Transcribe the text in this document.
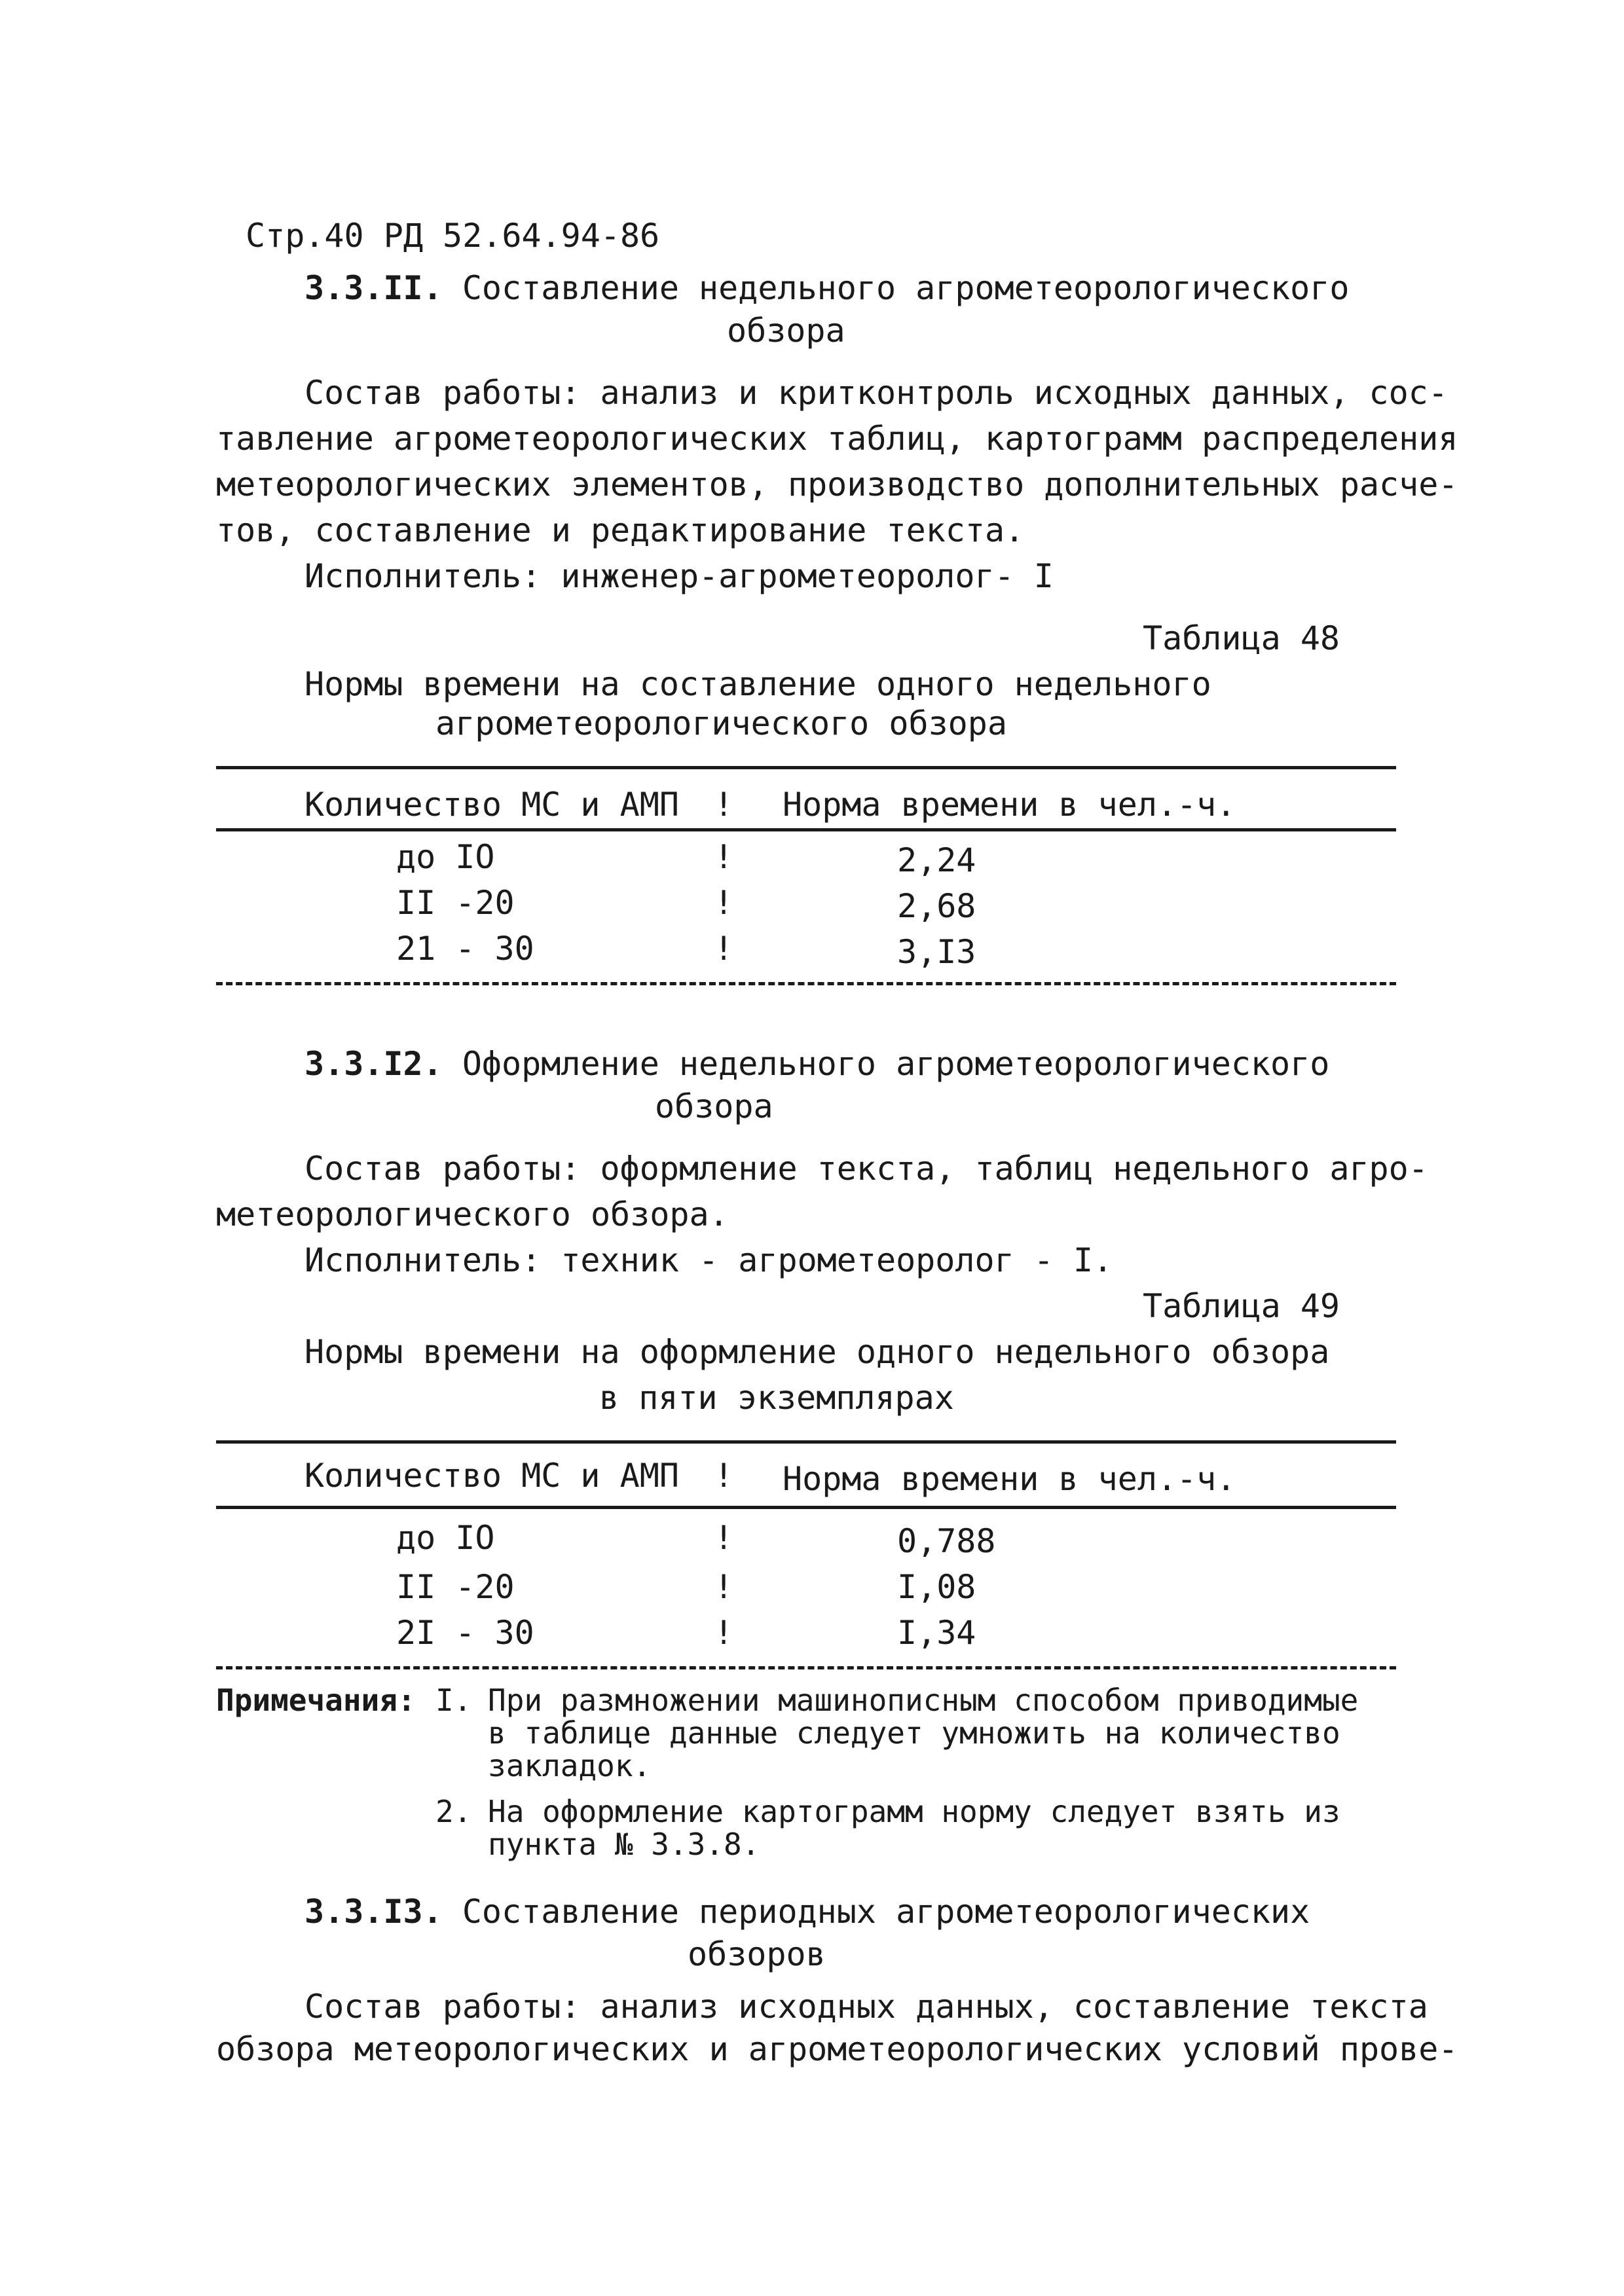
Стр.40 РД 52.64.94-86
3.3.II. Составление недельного агрометеорологического
обзора
Состав работы: анализ и критконтроль исходных данных, сос-
тавление агрометеорологических таблиц, картограмм распределения
метеорологических элементов, производство дополнительных расче-
тов, составление и редактирование текста.
Исполнитель: инженер-агрометеоролог- I
Таблица 48
Нормы времени на составление одного недельного
агрометеорологического обзора
Количество МС и АМП ! Норма времени в чел.-ч.
до IO	!	2,24
II -20	!	2,68
21 - 30	!	3,I3
3.3.I2. Оформление недельного агрометеорологического
обзора
Состав работы: оформление текста, таблиц недельного агро-
метеорологического обзора.
Исполнитель: техник - агрометеоролог - I.
Таблица 49
Нормы времени на оформление одного недельного обзора
в пяти экземплярах
Количество МС и АМП ! Норма времени в чел.-ч.
до IO	!	0,788
II -20	!	I,08
2I - 30	!	I,34
Примечания: I. При размножении машинописным способом приводимые
в таблице данные следует умножить на количество
закладок.
2. На оформление картограмм норму следует взять из
пункта № 3.3.8.
3.3.I3. Составление периодных агрометеорологических
обзоров
Состав работы: анализ исходных данных, составление текста
обзора метеорологических и агрометеорологических условий прове-
